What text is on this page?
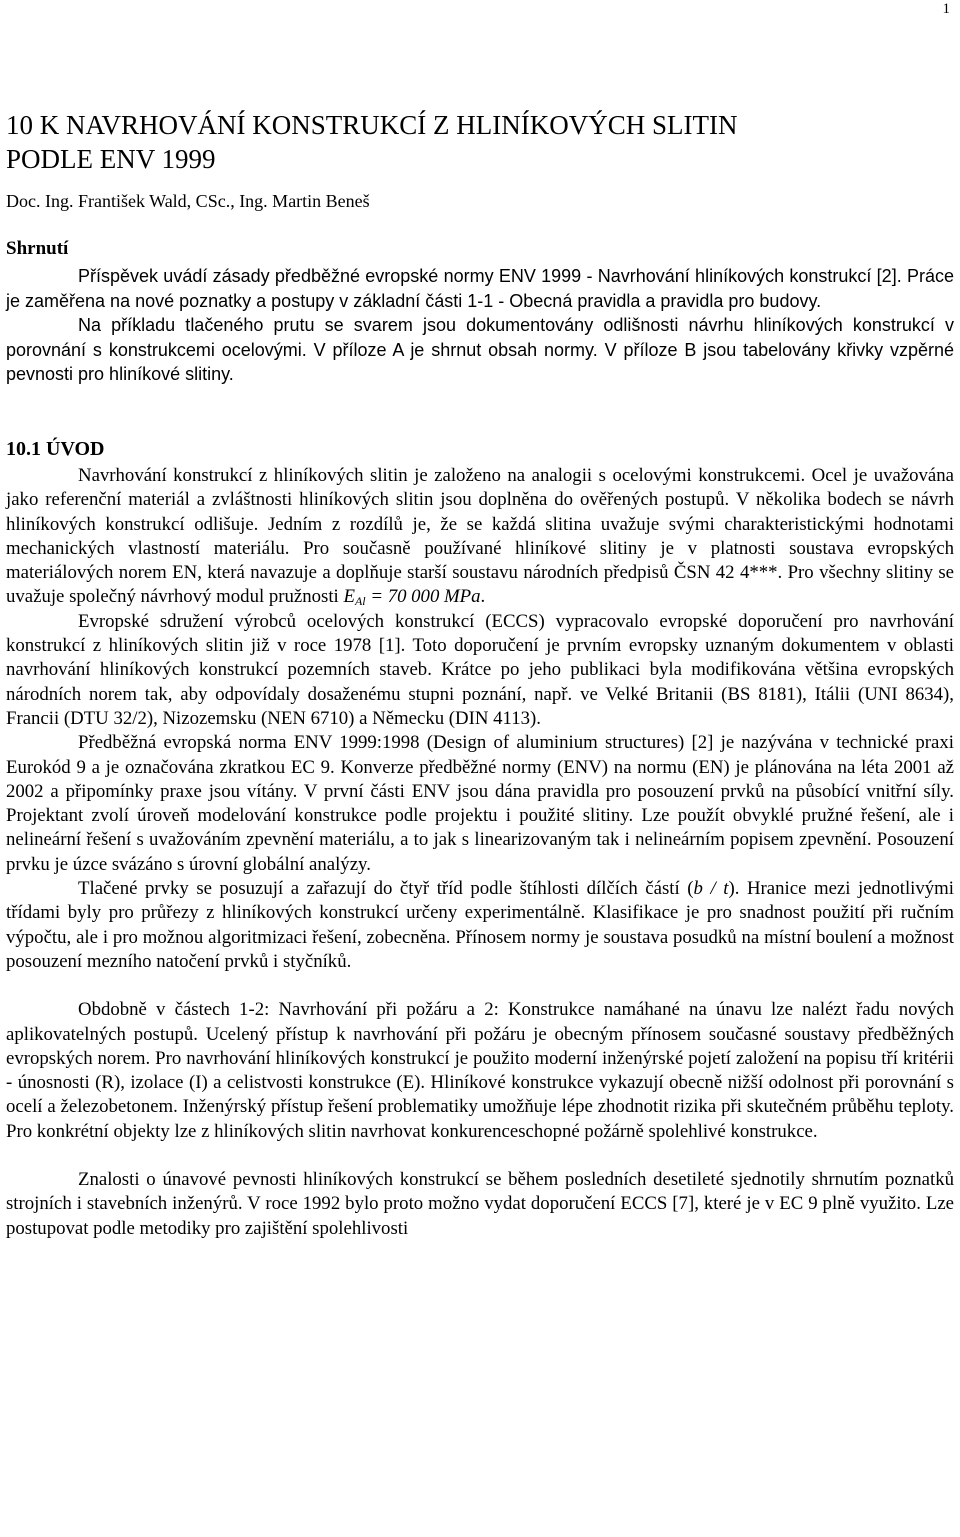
1
10 K NAVRHOVÁNÍ KONSTRUKCÍ Z HLINÍKOVÝCH SLITIN
PODLE ENV 1999

Doc. Ing. František Wald, CSc., Ing. Martin Beneš

Shrnutí

Příspěvek uvádí zásady předběžné evropské normy ENV 1999 - Navrhování hliníkových konstrukcí [2]. Práce je zaměřena na nové poznatky a postupy v základní části 1-1 - Obecná pravidla a pravidla pro budovy.

Na příkladu tlačeného prutu se svarem jsou dokumentovány odlišnosti návrhu hliníkových konstrukcí v porovnání s konstrukcemi ocelovými. V příloze A je shrnut obsah normy. V příloze B jsou tabelovány křivky vzpěrné pevnosti pro hliníkové slitiny.

10.1 ÚVOD

Navrhování konstrukcí z hliníkových slitin je založeno na analogii s ocelovými konstrukcemi. Ocel je uvažována jako referenční materiál a zvláštnosti hliníkových slitin jsou doplněna do ověřených postupů. V několika bodech se návrh hliníkových konstrukcí odlišuje. Jedním z rozdílů je, že se každá slitina uvažuje svými charakteristickými hodnotami mechanických vlastností materiálu. Pro současně používané hliníkové slitiny je v platnosti soustava evropských materiálových norem EN, která navazuje a doplňuje starší soustavu národních předpisů ČSN 42 4***. Pro všechny slitiny se uvažuje společný návrhový modul pružnosti $E_{Al} = 70$ 000 MPa.

Evropské sdružení výrobců ocelových konstrukcí (ECCS) vypracovalo evropské doporučení pro navrhování konstrukcí z hliníkových slitin již v roce 1978 [1]. Toto doporučení je prvním evropsky uznaným dokumentem v oblasti navrhování hliníkových konstrukcí pozemních staveb. Krátce po jeho publikaci byla modifikována většina evropských národních norem tak, aby odpovídaly dosaženému stupni poznání, např. ve Velké Britanii (BS 8181), Itálii (UNI 8634), Francii (DTU 32/2), Nizozemsku (NEN 6710) a Německu (DIN 4113).

Předběžná evropská norma ENV 1999:1998 (Design of aluminium structures) [2] je nazývána v technické praxi Eurokód 9 a je označována zkratkou EC 9. Konverze předběžné normy (ENV) na normu (EN) je plánována na léta 2001 až 2002 a připomínky praxe jsou vítány. V první části ENV jsou dána pravidla pro posouzení prvků na působící vnitřní síly. Projektant zvolí úroveň modelování konstrukce podle projektu i použité slitiny. Lze použít obvyklé pružné řešení, ale i nelineární řešení s uvažováním zpevnění materiálu, a to jak s linearizovaným tak i nelineárním popisem zpevnění. Posouzení prvku je úzce svázáno s úrovní globální analýzy.

Tlačené prvky se posuzují a zařazují do čtyř tříd podle štíhlosti dílčích částí (b / t). Hranice mezi jednotlivými třídami byly pro průřezy z hliníkových konstrukcí určeny experimentálně. Klasifikace je pro snadnost použití při ručním výpočtu, ale i pro možnou algoritmizaci řešení, zobecněna. Přínosem normy je soustava posudků na místní boulení a možnost posouzení mezního natočení prvků i styčníků.

Obdobně v částech 1-2: Navrhování při požáru a 2: Konstrukce namáhané na únavu lze nalézt řadu nových aplikovatelných postupů. Ucelený přístup k navrhování při požáru je obecným přínosem současné soustavy předběžných evropských norem. Pro navrhování hliníkových konstrukcí je použito moderní inženýrské pojetí založení na popisu tří kritérii - únosnosti (R), izolace (I) a celistvosti konstrukce (E). Hliníkové konstrukce vykazují obecně nižší odolnost při porovnání s ocelí a železobetonem. Inženýrský přístup řešení problematiky umožňuje lépe zhodnotit rizika při skutečném průběhu teploty. Pro konkrétní objekty lze z hliníkových slitin navrhovat konkurenceschopné požárně spolehlivé konstrukce.

Znalosti o únavové pevnosti hliníkových konstrukcí se během posledních desetileté sjednotily shrnutím poznatků strojních i stavebních inženýrů. V roce 1992 bylo proto možno vydat doporučení ECCS [7], které je v EC 9 plně využito. Lze postupovat podle metodiky pro zajištění spolehlivosti
